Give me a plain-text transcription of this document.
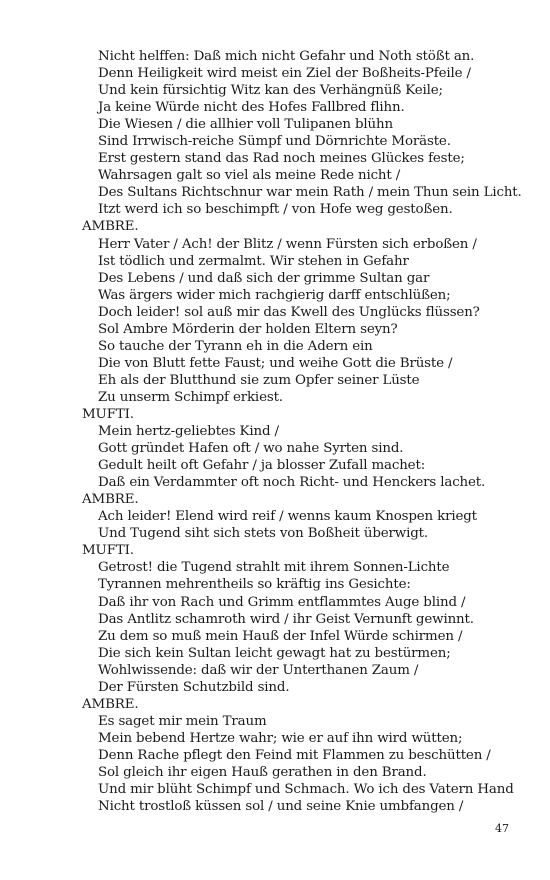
Nicht helffen: Daß mich nicht Gefahr und Noth stößt an.
Denn Heiligkeit wird meist ein Ziel der Boßheits-Pfeile /
Und kein fürsichtig Witz kan des Verhängnüß Keile;
Ja keine Würde nicht des Hofes Fallbred flihn.
Die Wiesen / die allhier voll Tulipanen blühn
Sind Irrwisch-reiche Sümpf und Dörnrichte Moräste.
Erst gestern stand das Rad noch meines Glückes feste;
Wahrsagen galt so viel als meine Rede nicht /
Des Sultans Richtschnur war mein Rath / mein Thun sein Licht.
Itzt werd ich so beschimpft / von Hofe weg gestoßen.
AMBRE.
Herr Vater / Ach! der Blitz / wenn Fürsten sich erboßen /
Ist tödlich und zermalmt. Wir stehen in Gefahr
Des Lebens / und daß sich der grimme Sultan gar
Was ärgers wider mich rachgierig darff entschlüßen;
Doch leider! sol auß mir das Kwell des Unglücks flüssen?
Sol Ambre Mörderin der holden Eltern seyn?
So tauche der Tyrann eh in die Adern ein
Die von Blutt fette Faust; und weihe Gott die Brüste /
Eh als der Blutthund sie zum Opfer seiner Lüste
Zu unserm Schimpf erkiest.
MUFTI.
Mein hertz-geliebtes Kind /
Gott gründet Hafen oft / wo nahe Syrten sind.
Gedult heilt oft Gefahr / ja blosser Zufall machet:
Daß ein Verdammter oft noch Richt- und Henckers lachet.
AMBRE.
Ach leider! Elend wird reif / wenns kaum Knospen kriegt
Und Tugend siht sich stets von Boßheit überwigt.
MUFTI.
Getrost! die Tugend strahlt mit ihrem Sonnen-Lichte
Tyrannen mehrentheils so kräftig ins Gesichte:
Daß ihr von Rach und Grimm entflammtes Auge blind /
Das Antlitz schamroth wird / ihr Geist Vernunft gewinnt.
Zu dem so muß mein Hauß der Infel Würde schirmen /
Die sich kein Sultan leicht gewagt hat zu bestürmen;
Wohlwissende: daß wir der Unterthanen Zaum /
Der Fürsten Schutzbild sind.
AMBRE.
Es saget mir mein Traum
Mein bebend Hertze wahr; wie er auf ihn wird wütten;
Denn Rache pflegt den Feind mit Flammen zu beschütten /
Sol gleich ihr eigen Hauß gerathen in den Brand.
Und mir blüht Schimpf und Schmach. Wo ich des Vatern Hand
Nicht trostloß küssen sol / und seine Knie umbfangen /
47
